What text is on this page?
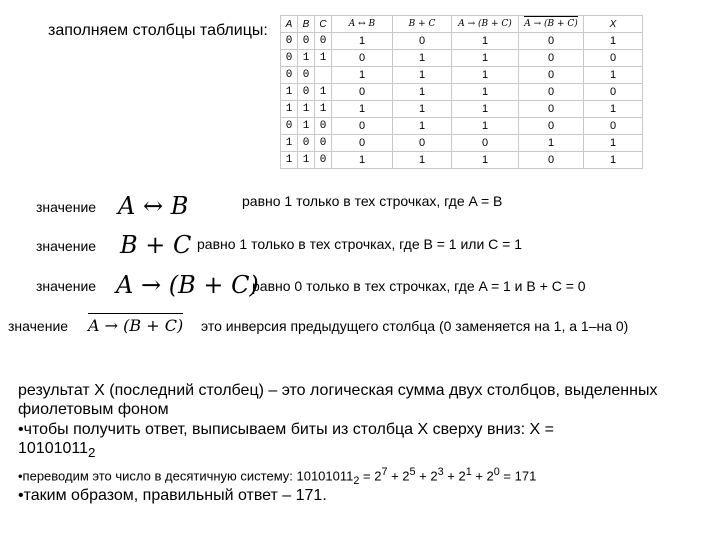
заполняем столбцы таблицы: A	B	C	A ↔ B	B + C	A → (B + C)	A → (B + C)	X
0	0	0	1	0	1	0	1
0	1	1	0	1	1	0	0
0	0		1	1	1	0	1
1	0	1	0	1	1	0	0
1	1	1	1	1	1	0	1
0	1	0	0	1	1	0	0
1	0	0	0	0	0	1	1
1	1	0	1	1	1	0	1
значение A ↔ B	равно 1 только в тех строчках, где A = B
значение B + C равно 1 только в тех строчках, где B = 1 или C = 1
значение A → (B + C)
равно 0 только в тех строчках, где A = 1 и B + C = 0
значение A → (B + C) это инверсия предыдущего столбца (0 заменяется на 1, а 1–на 0)
результат X (последний столбец) – это логическая сумма двух столбцов, выделенных фиолетовым фоном
•чтобы получить ответ, выписываем биты из столбца X сверху вниз: X =
$10101011_2$
•переводим это число в десятичную систему: $10101011_2 = 2^7 + 2^5 + 2^3 + 2^1 + 2^0 = 171$
•таким образом, правильный ответ – 171.
